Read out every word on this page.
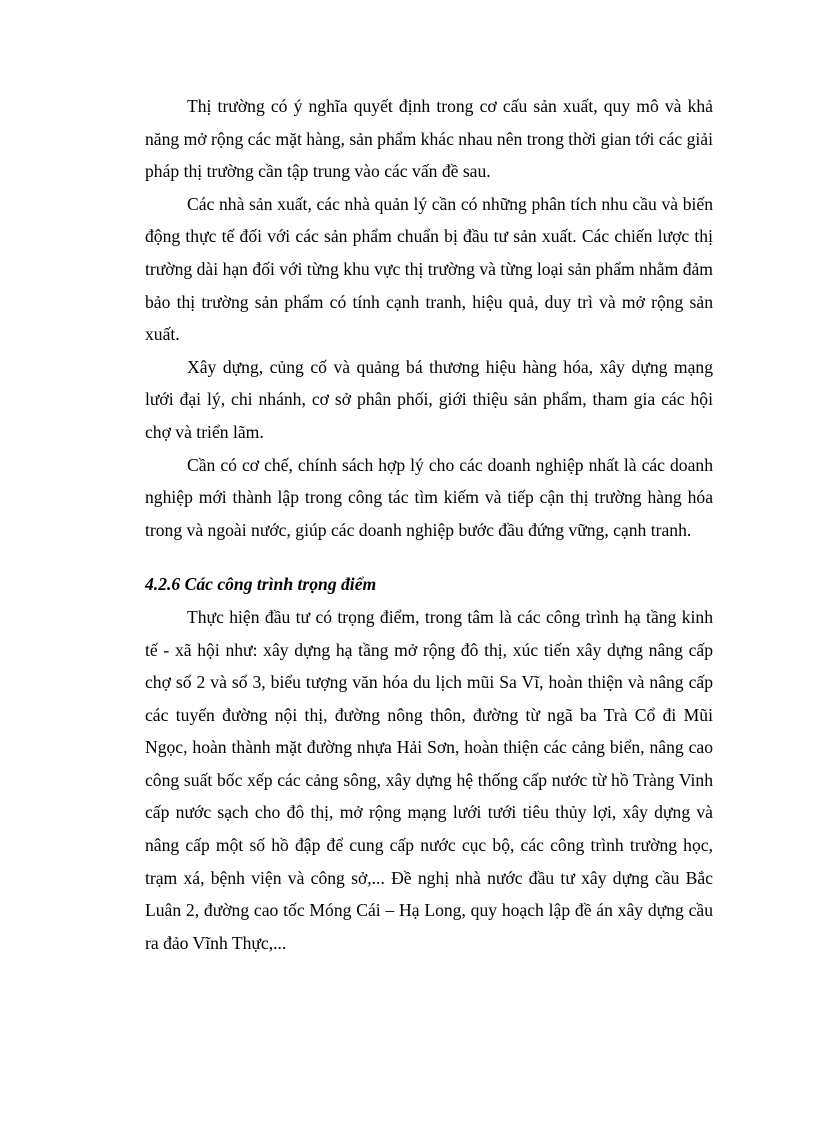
Thị trường có ý nghĩa quyết định trong cơ cấu sản xuất, quy mô và khả năng mở rộng các mặt hàng, sản phẩm khác nhau nên trong thời gian tới các giải pháp thị trường cần tập trung vào các vấn đề sau.

Các nhà sản xuất, các nhà quản lý cần có những phân tích nhu cầu và biến động thực tế đối với các sản phẩm chuẩn bị đầu tư sản xuất. Các chiến lược thị trường dài hạn đối với từng khu vực thị trường và từng loại sản phẩm nhằm đảm bảo thị trường sản phẩm có tính cạnh tranh, hiệu quả, duy trì và mở rộng sản xuất.

Xây dựng, củng cố và quảng bá thương hiệu hàng hóa, xây dựng mạng lưới đại lý, chi nhánh, cơ sở phân phối, giới thiệu sản phẩm, tham gia các hội chợ và triển lãm.

Cần có cơ chế, chính sách hợp lý cho các doanh nghiệp nhất là các doanh nghiệp mới thành lập trong công tác tìm kiếm và tiếp cận thị trường hàng hóa trong và ngoài nước, giúp các doanh nghiệp bước đầu đứng vững, cạnh tranh.

4.2.6 Các công trình trọng điểm

Thực hiện đầu tư có trọng điểm, trong tâm là các công trình hạ tầng kinh tế - xã hội như: xây dựng hạ tầng mở rộng đô thị, xúc tiến xây dựng nâng cấp chợ số 2 và số 3, biểu tượng văn hóa du lịch mũi Sa Vĩ, hoàn thiện và nâng cấp các tuyến đường nội thị, đường nông thôn, đường từ ngã ba Trà Cổ đi Mũi Ngọc, hoàn thành mặt đường nhựa Hải Sơn, hoàn thiện các cảng biển, nâng cao công suất bốc xếp các cảng sông, xây dựng hệ thống cấp nước từ hồ Tràng Vinh cấp nước sạch cho đô thị, mở rộng mạng lưới tưới tiêu thủy lợi, xây dựng và nâng cấp một số hồ đập để cung cấp nước cục bộ, các công trình trường học, trạm xá, bệnh viện và công sở,... Đề nghị nhà nước đầu tư xây dựng cầu Bắc Luân 2, đường cao tốc Móng Cái – Hạ Long, quy hoạch lập đề án xây dựng cầu ra đảo Vĩnh Thực,...
